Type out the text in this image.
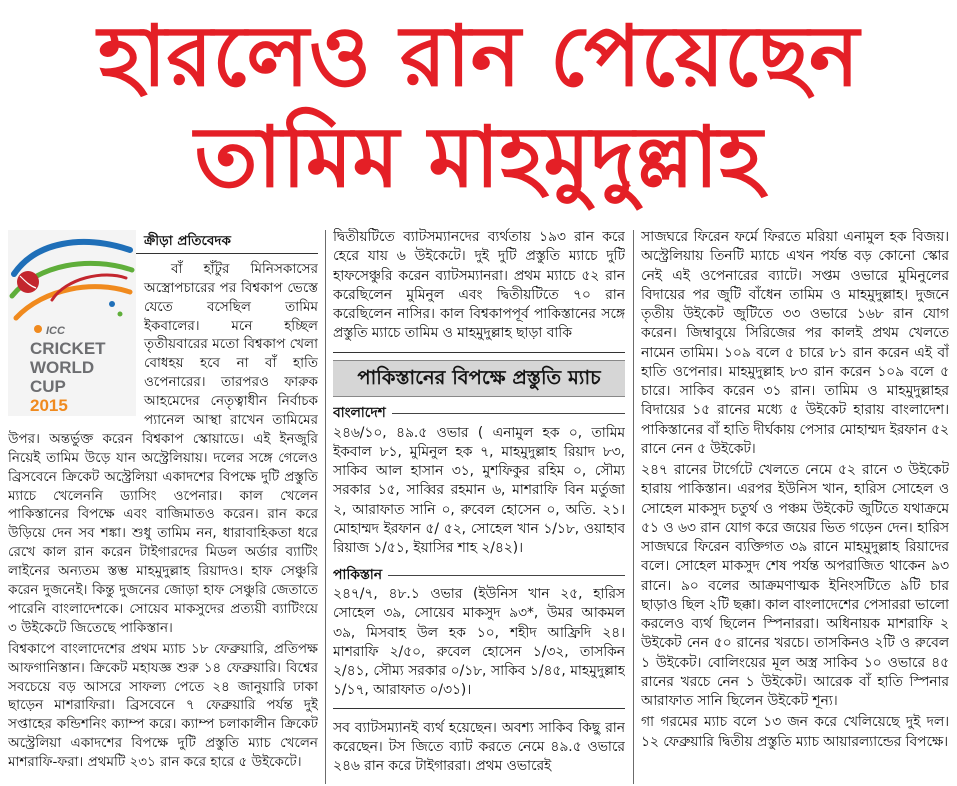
হারলেও রান পেয়েছেন
তামিম মাহমুদুল্লাহ
ICC
CRICKET
WORLD
CUP
2015
ক্রীড়া প্রতিবেদক

বাঁ হাঁটুর মিনিসকাসের অস্ত্রোপচারের পর বিশ্বকাপ ভেস্তে যেতে বসেছিল তামিম ইকবালের। মনে হচ্ছিল তৃতীয়বারের মতো বিশ্বকাপ খেলা বোধহয় হবে না বাঁ হাতি ওপেনারের। তারপরও ফারুক আহমেদের নেতৃত্বাধীন নির্বাচক প্যানেল আস্থা রাখেন তামিমের উপর। অন্তর্ভুক্ত করেন বিশ্বকাপ স্কোয়াডে। এই ইনজুরি নিয়েই তামিম উড়ে যান অস্ট্রেলিয়ায়। দলের সঙ্গে গেলেও ব্রিসবেনে ক্রিকেট অস্ট্রেলিয়া একাদশের বিপক্ষে দুটি প্রস্তুতি ম্যাচে খেলেননি ড্যাসিং ওপেনার। কাল খেলেন পাকিস্তানের বিপক্ষে এবং বাজিমাতও করেন। রান করে উড়িয়ে দেন সব শঙ্কা। শুধু তামিম নন, ধারাবাহিকতা ধরে রেখে কাল রান করেন টাইগারদের মিডল অর্ডার ব্যাটিং লাইনের অন্যতম স্তম্ভ মাহমুদুল্লাহ রিয়াদও। হাফ সেঞ্চুরি করেন দুজনেই। কিন্তু দুজনের জোড়া হাফ সেঞ্চুরি জেতাতে পারেনি বাংলাদেশকে। সোয়েব মাকসুদের প্রত্যয়ী ব্যাটিংয়ে ৩ উইকেটে জিতেছে পাকিস্তান।

বিশ্বকাপে বাংলাদেশের প্রথম ম্যাচ ১৮ ফেব্রুয়ারি, প্রতিপক্ষ আফগানিস্তান। ক্রিকেট মহাযজ্ঞ শুরু ১৪ ফেব্রুয়ারি। বিশ্বের সবচেয়ে বড় আসরে সাফল্য পেতে ২৪ জানুয়ারি ঢাকা ছাড়েন মাশরাফিরা। ব্রিসবেনে ৭ ফেব্রুয়ারি পর্যন্ত দুই সপ্তাহের কন্ডিশনিং ক্যাম্প করে। ক্যাম্প চলাকালীন ক্রিকেট অস্ট্রেলিয়া একাদশের বিপক্ষে দুটি প্রস্তুতি ম্যাচ খেলেন মাশরাফি-ফরা। প্রথমটি ২৩১ রান করে হারে ৫ উইকেটে।

দ্বিতীয়টিতে ব্যাটসম্যানদের ব্যর্থতায় ১৯৩ রান করে হেরে যায় ৬ উইকেটে। দুই দুটি প্রস্তুতি ম্যাচে দুটি হাফসেঞ্চুরি করেন ব্যাটসম্যানরা। প্রথম ম্যাচে ৫২ রান করেছিলেন মুমিনুল এবং দ্বিতীয়টিতে ৭০ রান করেছিলেন নাসির। কাল বিশ্বকাপপূর্ব পাকিস্তানের সঙ্গে প্রস্তুতি ম্যাচে তামিম ও মাহমুদুল্লাহ ছাড়া বাকি

পাকিস্তানের বিপক্ষে প্রস্তুতি ম্যাচ
বাংলাদেশ

২৪৬/১০, ৪৯.৫ ওভার ( এনামুল হক ০, তামিম ইকবাল ৮১, মুমিনুল হক ৭, মাহমুদুল্লাহ রিয়াদ ৮৩, সাকিব আল হাসান ৩১, মুশফিকুর রহিম ০, সৌম্য সরকার ১৫, সাব্বির রহমান ৬, মাশরাফি বিন মর্তুজা ২, আরাফাত সানি ০, রুবেল হোসেন ০, অতি. ২১। মোহাম্মদ ইরফান ৫/ ৫২, সোহেল খান ১/১৮, ওয়াহাব রিয়াজ ১/৫১, ইয়াসির শাহ ২/৪২)।

পাকিস্তান

২৪৭/৭, ৪৮.১ ওভার (ইউনিস খান ২৫, হারিস সোহেল ৩৯, সোয়েব মাকসুদ ৯৩*, উমর আকমল ৩৯, মিসবাহ উল হক ১০, শহীদ আফ্রিদি ২৪। মাশরাফি ২/৫০, রুবেল হোসেন ১/৩২, তাসকিন ২/৪১, সৌম্য সরকার ০/১৮, সাকিব ১/৪৫, মাহমুদুল্লাহ ১/১৭, আরাফাত ০/৩১)।

সব ব্যাটসম্যানই ব্যর্থ হয়েছেন। অবশ্য সাকিব কিছু রান করেছেন। টস জিতে ব্যাট করতে নেমে ৪৯.৫ ওভারে ২৪৬ রান করে টাইগাররা। প্রথম ওভারেই

সাজঘরে ফিরেন ফর্মে ফিরতে মরিয়া এনামুল হক বিজয়। অস্ট্রেলিয়ায় তিনটি ম্যাচে এখন পর্যন্ত বড় কোনো স্কোর নেই এই ওপেনারের ব্যাটে। সপ্তম ওভারে মুমিনুলের বিদায়ের পর জুটি বাঁধেন তামিম ও মাহমুদুল্লাহ। দুজনে তৃতীয় উইকেট জুটিতে ৩৩ ওভারে ১৬৮ রান যোগ করেন। জিম্বাবুয়ে সিরিজের পর কালই প্রথম খেলতে নামেন তামিম। ১০৯ বলে ৫ চারে ৮১ রান করেন এই বাঁ হাতি ওপেনার। মাহমুদুল্লাহ ৮৩ রান করেন ১০৯ বলে ৫ চারে। সাকিব করেন ৩১ রান। তামিম ও মাহমুদুল্লাহর বিদায়ের ১৫ রানের মধ্যে ৫ উইকেট হারায় বাংলাদেশ। পাকিস্তানের বাঁ হাতি দীর্ঘকায় পেসার মোহাম্মদ ইরফান ৫২ রানে নেন ৫ উইকেট।

২৪৭ রানের টার্গেটে খেলতে নেমে ৫২ রানে ৩ উইকেট হারায় পাকিস্তান। এরপর ইউনিস খান, হারিস সোহেল ও সোহেল মাকসুদ চতুর্থ ও পঞ্চম উইকেট জুটিতে যথাক্রমে ৫১ ও ৬৩ রান যোগ করে জয়ের ভিত গড়েন দেন। হারিস সাজঘরে ফিরেন ব্যক্তিগত ৩৯ রানে মাহমুদুল্লাহ রিয়াদের বলে। সোহেল মাকসুদ শেষ পর্যন্ত অপরাজিত থাকেন ৯৩ রানে। ৯০ বলের আক্রমণাত্মক ইনিংসটিতে ৯টি চার ছাড়াও ছিল ২টি ছক্কা। কাল বাংলাদেশের পেসাররা ভালো করলেও ব্যর্থ ছিলেন স্পিনাররা। অধিনায়ক মাশরাফি ২ উইকেট নেন ৫০ রানের খরচে। তাসকিনও ২টি ও রুবেল ১ উইকেট। বোলিংয়ের মূল অস্ত্র সাকিব ১০ ওভারে ৪৫ রানের খরচে নেন ১ উইকেট। আরেক বাঁ হাতি স্পিনার আরাফাত সানি ছিলেন উইকেট শূন্য।

গা গরমের ম্যাচ বলে ১৩ জন করে খেলিয়েছে দুই দল। ১২ ফেব্রুয়ারি দ্বিতীয় প্রস্তুতি ম্যাচ আয়ারল্যান্ডের বিপক্ষে।
